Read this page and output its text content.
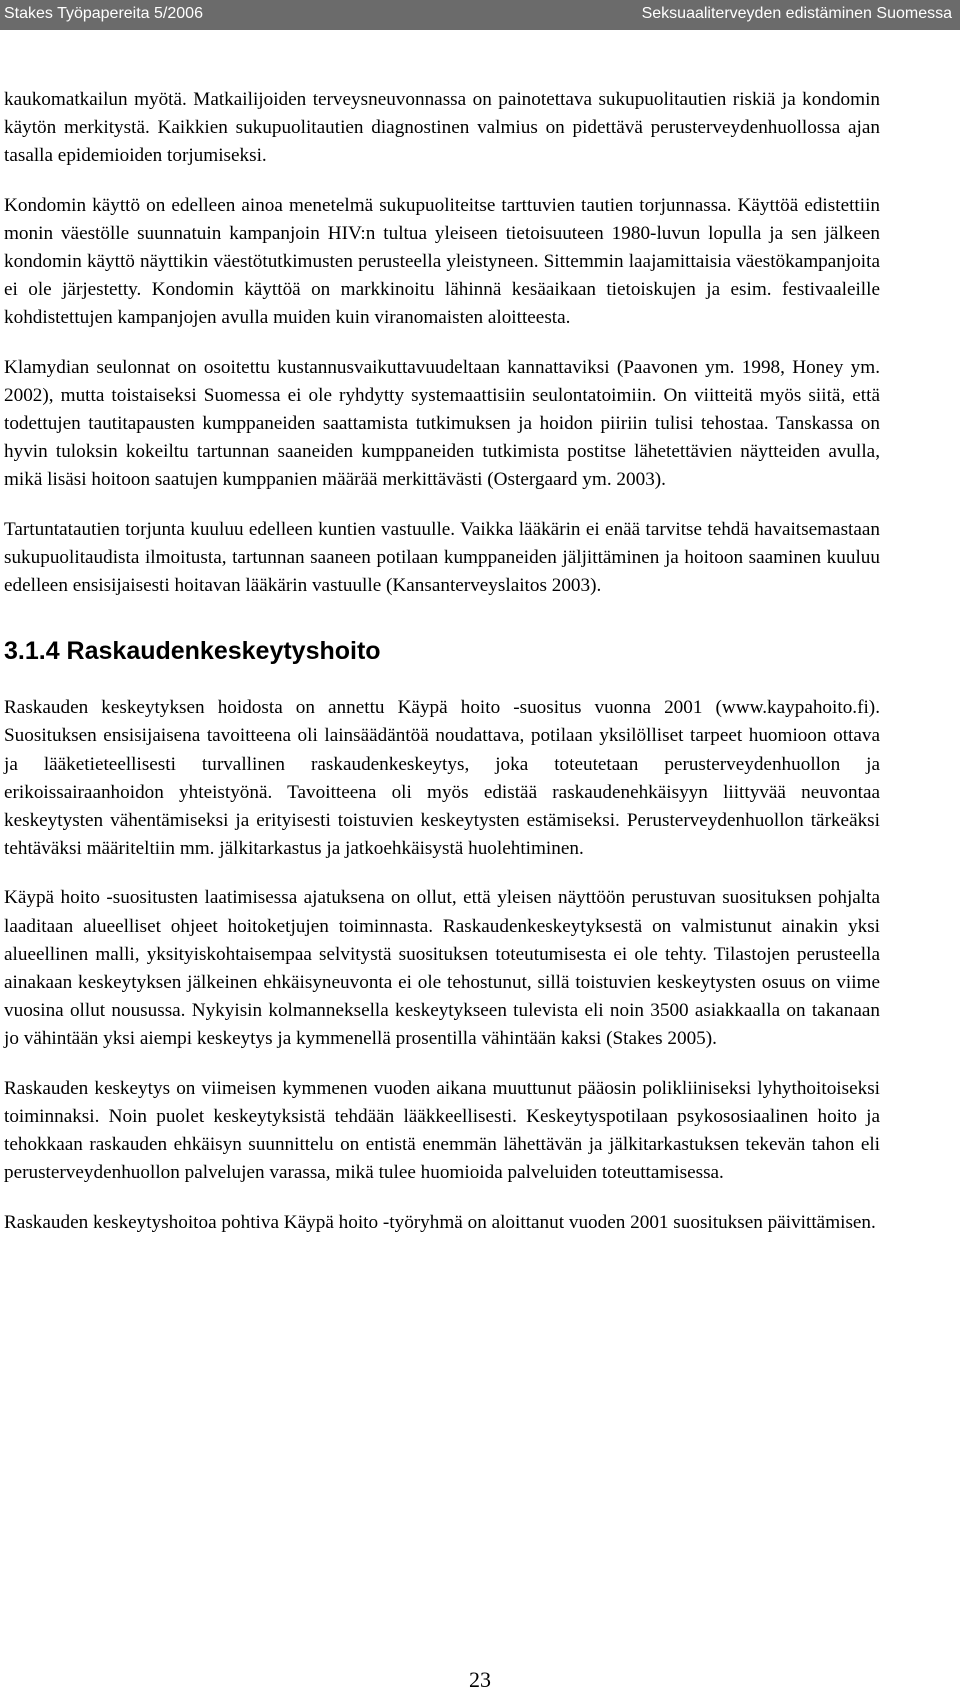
Stakes Työpapereita 5/2006	Seksuaaliterveyden edistäminen Suomessa

kaukomatkailun myötä. Matkailijoiden terveysneuvonnassa on painotettava sukupuolitautien riskiä ja kondomin käytön merkitystä. Kaikkien sukupuolitautien diagnostinen valmius on pidettävä perusterveydenhuollossa ajan tasalla epidemioiden torjumiseksi.

Kondomin käyttö on edelleen ainoa menetelmä sukupuoliteitse tarttuvien tautien torjunnassa. Käyttöä edistettiin monin väestölle suunnatuin kampanjoin HIV:n tultua yleiseen tietoisuuteen 1980-luvun lopulla ja sen jälkeen kondomin käyttö näyttikin väestötutkimusten perusteella yleistyneen. Sittemmin laajamittaisia väestökampanjoita ei ole järjestetty. Kondomin käyttöä on markkinoitu lähinnä kesäaikaan tietoiskujen ja esim. festivaaleille kohdistettujen kampanjojen avulla muiden kuin viranomaisten aloitteesta.

Klamydian seulonnat on osoitettu kustannusvaikuttavuudeltaan kannattaviksi (Paavonen ym. 1998, Honey ym. 2002), mutta toistaiseksi Suomessa ei ole ryhdytty systemaattisiin seulontatoimiin. On viitteitä myös siitä, että todettujen tautitapausten kumppaneiden saattamista tutkimuksen ja hoidon piiriin tulisi tehostaa. Tanskassa on hyvin tuloksin kokeiltu tartunnan saaneiden kumppaneiden tutkimista postitse lähetettävien näytteiden avulla, mikä lisäsi hoitoon saatujen kumppanien määrää merkittävästi (Ostergaard ym. 2003).

Tartuntatautien torjunta kuuluu edelleen kuntien vastuulle. Vaikka lääkärin ei enää tarvitse tehdä havaitsemastaan sukupuolitaudista ilmoitusta, tartunnan saaneen potilaan kumppaneiden jäljittäminen ja hoitoon saaminen kuuluu edelleen ensisijaisesti hoitavan lääkärin vastuulle (Kansanterveyslaitos 2003).

3.1.4 Raskaudenkeskeytyshoito

Raskauden keskeytyksen hoidosta on annettu Käypä hoito -suositus vuonna 2001 (www.kaypahoito.fi). Suosituksen ensisijaisena tavoitteena oli lainsäädäntöä noudattava, potilaan yksilölliset tarpeet huomioon ottava ja lääketieteellisesti turvallinen raskaudenkeskeytys, joka toteutetaan perusterveydenhuollon ja erikoissairaanhoidon yhteistyönä. Tavoitteena oli myös edistää raskaudenehkäisyyn liittyvää neuvontaa keskeytysten vähentämiseksi ja erityisesti toistuvien keskeytysten estämiseksi. Perusterveydenhuollon tärkeäksi tehtäväksi määriteltiin mm. jälkitarkastus ja jatkoehkäisystä huolehtiminen.

Käypä hoito -suositusten laatimisessa ajatuksena on ollut, että yleisen näyttöön perustuvan suosituksen pohjalta laaditaan alueelliset ohjeet hoitoketjujen toiminnasta. Raskaudenkeskeytyksestä on valmistunut ainakin yksi alueellinen malli, yksityiskohtaisempaa selvitystä suosituksen toteutumisesta ei ole tehty. Tilastojen perusteella ainakaan keskeytyksen jälkeinen ehkäisyneuvonta ei ole tehostunut, sillä toistuvien keskeytysten osuus on viime vuosina ollut nousussa. Nykyisin kolmanneksella keskeytykseen tulevista eli noin 3500 asiakkaalla on takanaan jo vähintään yksi aiempi keskeytys ja kymmenellä prosentilla vähintään kaksi (Stakes 2005).

Raskauden keskeytys on viimeisen kymmenen vuoden aikana muuttunut pääosin polikliiniseksi lyhythoitoiseksi toiminnaksi. Noin puolet keskeytyksistä tehdään lääkkeellisesti. Keskeytyspotilaan psykososiaalinen hoito ja tehokkaan raskauden ehkäisyn suunnittelu on entistä enemmän lähettävän ja jälkitarkastuksen tekevän tahon eli perusterveydenhuollon palvelujen varassa, mikä tulee huomioida palveluiden toteuttamisessa.

Raskauden keskeytyshoitoa pohtiva Käypä hoito -työryhmä on aloittanut vuoden 2001 suosituksen päivittämisen.

23
